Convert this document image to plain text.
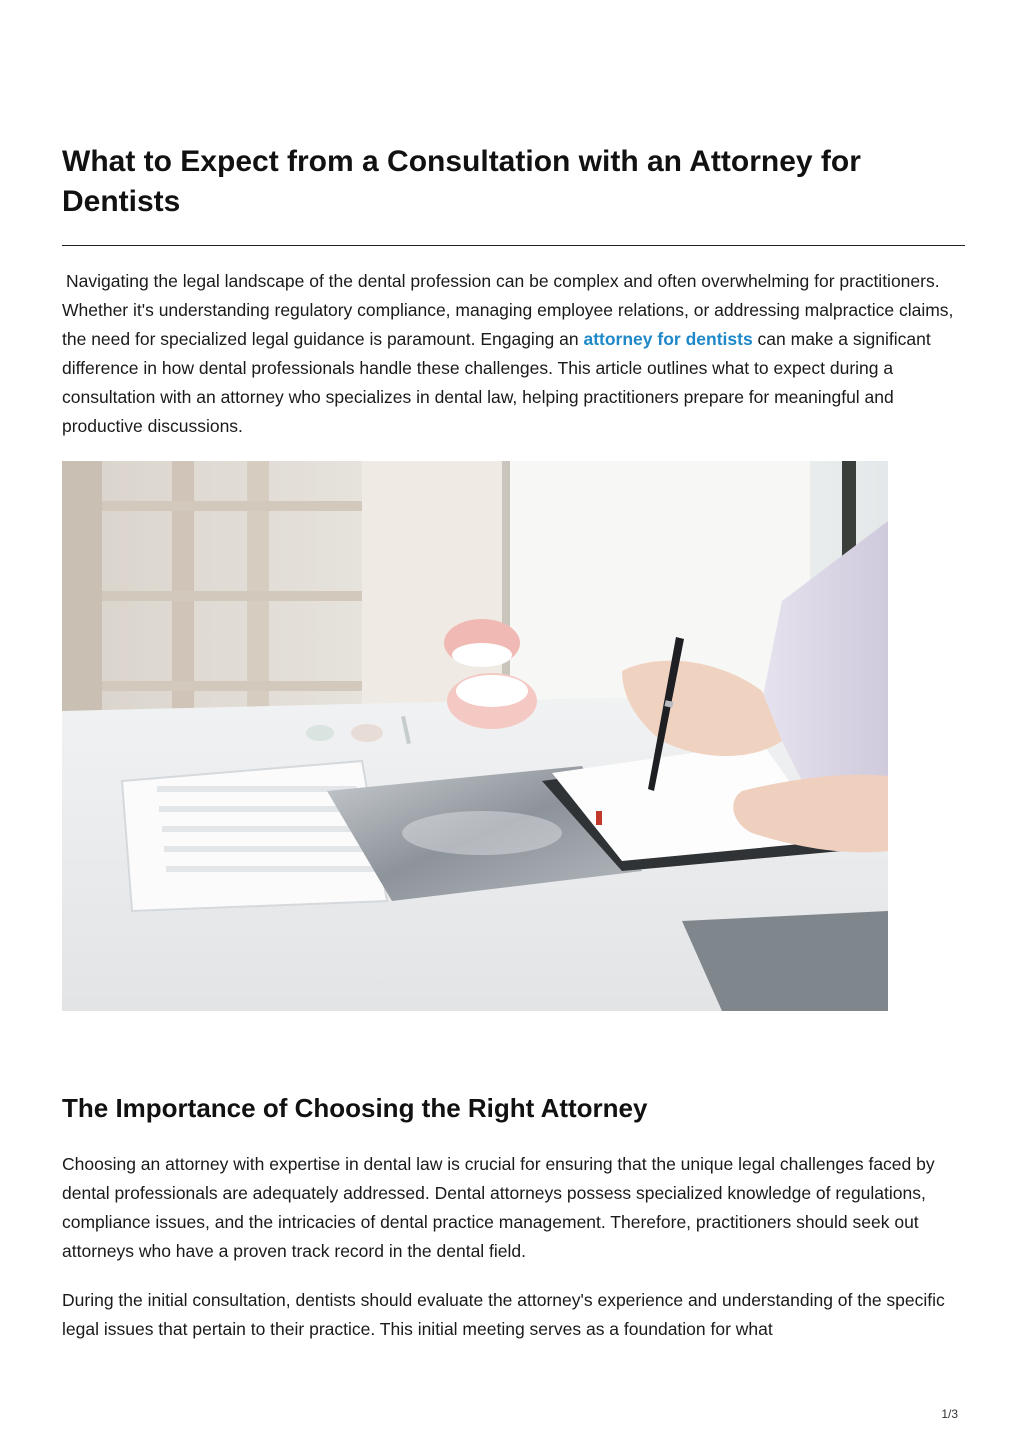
What to Expect from a Consultation with an Attorney for Dentists

Navigating the legal landscape of the dental profession can be complex and often overwhelming for practitioners. Whether it's understanding regulatory compliance, managing employee relations, or addressing malpractice claims, the need for specialized legal guidance is paramount. Engaging an attorney for dentists can make a significant difference in how dental professionals handle these challenges. This article outlines what to expect during a consultation with an attorney who specializes in dental law, helping practitioners prepare for meaningful and productive discussions.

The Importance of Choosing the Right Attorney

Choosing an attorney with expertise in dental law is crucial for ensuring that the unique legal challenges faced by dental professionals are adequately addressed. Dental attorneys possess specialized knowledge of regulations, compliance issues, and the intricacies of dental practice management. Therefore, practitioners should seek out attorneys who have a proven track record in the dental field.

During the initial consultation, dentists should evaluate the attorney's experience and understanding of the specific legal issues that pertain to their practice. This initial meeting serves as a foundation for what

1/3
